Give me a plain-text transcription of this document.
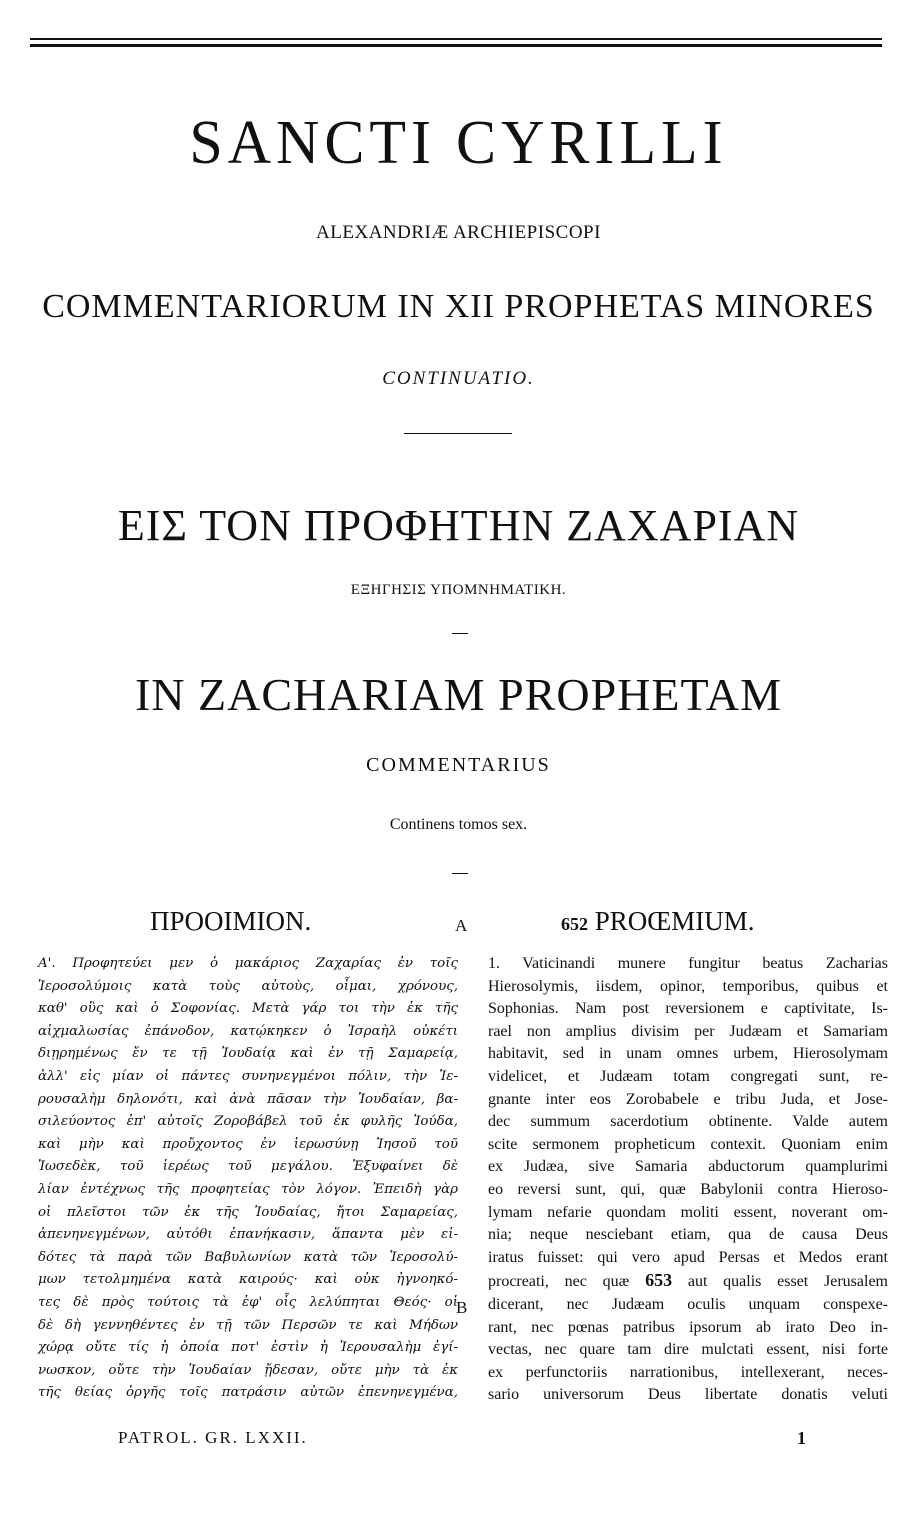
SANCTI CYRILLI
ALEXANDRIÆ ARCHIEPISCOPI
COMMENTARIORUM IN XII PROPHETAS MINORES
CONTINUATIO.
ΕΙΣ ΤΟΝ ΠΡΟΦΗΤΗΝ ΖΑΧΑΡΙΑΝ
ΕΞΗΓΗΣΙΣ ΥΠΟΜΝΗΜΑΤΙΚΗ.
IN ZACHARIAM PROPHETAM
COMMENTARIUS
Continens tomos sex.
ΠΡΟΟΙΜΙΟΝ.	A	652 PROŒMIUM.
Α'. Προφητεύει μεν ὁ μακάριος Ζαχαρίας ἐν τοῖς
Ἱεροσολύμοις κατὰ τοὺς αὐτοὺς, οἶμαι, χρόνους,
καθ' οὓς καὶ ὁ Σοφονίας. Μετὰ γάρ τοι τὴν ἐκ τῆς
αἰχμαλωσίας ἐπάνοδον, κατῴκηκεν ὁ Ἰσραὴλ οὐκέτι
διῃρημένως ἔν τε τῇ Ἰουδαίᾳ καὶ ἐν τῇ Σαμαρείᾳ,
ἀλλ' εἰς μίαν οἱ πάντες συνηνεγμένοι πόλιν, τὴν Ἱε-
ρουσαλὴμ δηλονότι, καὶ ἀνὰ πᾶσαν τὴν Ἰουδαίαν, βα-
σιλεύοντος ἐπ' αὐτοῖς Ζοροβάβελ τοῦ ἐκ φυλῆς Ἰούδα,
καὶ μὴν καὶ προὔχοντος ἐν ἱερωσύνῃ Ἰησοῦ τοῦ
Ἰωσεδὲκ, τοῦ ἱερέως τοῦ μεγάλου. Ἐξυφαίνει δὲ
λίαν ἐντέχνως τῆς προφητείας τὸν λόγον. Ἐπειδὴ γὰρ
οἱ πλεῖστοι τῶν ἐκ τῆς Ἰουδαίας, ἤτοι Σαμαρείας,
ἀπενηνεγμένων, αὐτόθι ἐπανήκασιν, ἅπαντα μὲν εἰ-
δότες τὰ παρὰ τῶν Βαβυλωνίων κατὰ τῶν Ἱεροσολύ-
μων τετολμημένα κατὰ καιρούς· καὶ οὐκ ἠγνοηκό-
τες δὲ πρὸς τούτοις τὰ ἐφ' οἷς λελύπηται Θεός· οἱ
δὲ δὴ γεννηθέντες ἐν τῇ τῶν Περσῶν τε καὶ Μήδων
χώρᾳ οὔτε τίς ἡ ὁποία ποτ' ἐστὶν ἡ Ἱερουσαλὴμ ἐγί-
νωσκον, οὔτε τὴν Ἰουδαίαν ᾔδεσαν, οὔτε μὴν τὰ ἐκ
τῆς θείας ὀργῆς τοῖς πατράσιν αὐτῶν ἐπενηνεγμένα,
B
1. Vaticinandi munere fungitur beatus Zacharias
Hierosolymis, iisdem, opinor, temporibus, quibus et
Sophonias. Nam post reversionem e captivitate, Is-
rael non amplius divisim per Judæam et Samariam
habitavit, sed in unam omnes urbem, Hierosolymam
videlicet, et Judæam totam congregati sunt, re-
gnante inter eos Zorobabele e tribu Juda, et Jose-
dec summum sacerdotium obtinente. Valde autem
scite sermonem propheticum contexit. Quoniam enim
ex Judæa, sive Samaria abductorum quamplurimi
eo reversi sunt, qui, quæ Babylonii contra Hieroso-
lymam nefarie quondam moliti essent, noverant om-
nia; neque nesciebant etiam, qua de causa Deus
iratus fuisset: qui vero apud Persas et Medos erant
procreati, nec quæ 653 aut qualis esset Jerusalem
dicerant, nec Judæam oculis unquam conspexe-
rant, nec pœnas patribus ipsorum ab irato Deo in-
vectas, nec quare tam dire mulctati essent, nisi forte
ex perfunctoriis narrationibus, intellexerant, neces-
sario universorum Deus libertate donatis veluti
PATROL. GR. LXXII.	1
